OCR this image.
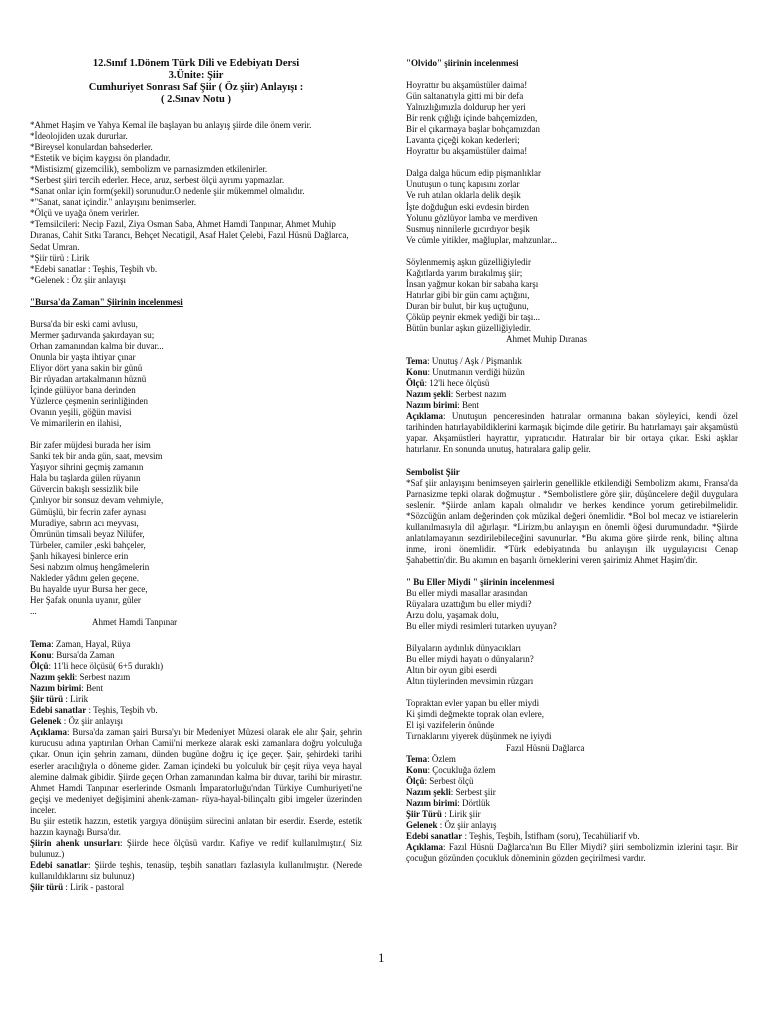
12.Sınıf 1.Dönem Türk Dili ve Edebiyatı Dersi
3.Ünite: Şiir
Cumhuriyet Sonrası Saf Şiir ( Öz şiir) Anlayışı :
( 2.Sınav Notu )
*Ahmet Haşim ve Yahya Kemal ile başlayan bu anlayış şiirde dile önem verir.
*İdeolojiden uzak dururlar.
*Bireysel konulardan bahsederler.
*Estetik ve biçim kaygısı ön plandadır.
*Mistisizm( gizemcilik), sembolizm ve parnasizmden etkilenirler.
*Serbest şiiri tercih ederler. Hece, aruz, serbest ölçü ayrımı yapmazlar.
*Sanat onlar için form(şekil) sorunudur.O nedenle şiir mükemmel olmalıdır.
*"Sanat, sanat içindir." anlayışını benimserler.
*Ölçü ve uyağa önem verirler.
*Temsilcileri: Necip Fazıl, Ziya Osman Saba, Ahmet Hamdi Tanpınar, Ahmet Muhip Dıranas, Cahit Sıtkı Tarancı, Behçet Necatigil, Asaf Halet Çelebi, Fazıl Hüsnü Dağlarca, Sedat Umran.
*Şiir türü : Lirik
*Edebi sanatlar : Teşhis, Teşbih vb.
*Gelenek : Öz şiir anlayışı
"Bursa'da Zaman" Şiirinin incelenmesi
Bursa'da bir eski cami avlusu,
Mermer şadırvanda şakırdayan su;
Orhan zamanından kalma bir duvar...
Onunla bir yaşta ihtiyar çınar
Eliyor dört yana sakin bir günü
Bir rüyadan artakalmanın hüznü
İçinde gülüyor bana derinden
Yüzlerce çeşmenin serinliğinden
Ovanın yeşili, göğün mavisi
Ve mimarilerin en ilahisi,
Bir zafer müjdesi burada her isim
Sanki tek bir anda gün, saat, mevsim
Yaşıyor sihrini geçmiş zamanın
Hala bu taşlarda gülen rüyanın
Güvercin bakışlı sessizlik bile
Çınlıyor bir sonsuz devam vehmiyle,
Gümüşlü, bir fecrin zafer aynası
Muradiye, sabrın acı meyvası,
Ömrünün timsali beyaz Nilüfer,
Türbeler, camiler ,eski bahçeler,
Şanlı hikayesi binlerce erin
Sesi nabzım olmuş hengâmelerin
Nakleder yâdını gelen geçene.
Bu hayalde uyur Bursa her gece,
Her Şafak onunla uyanır, güler
...
Ahmet Hamdi Tanpınar
Tema: Zaman, Hayal, Rüya
Konu: Bursa'da Zaman
Ölçü: 11'li hece ölçüsü( 6+5 duraklı)
Nazım şekli: Serbest nazım
Nazım birimi: Bent
Şiir türü : Lirik
Edebi sanatlar : Teşhis, Teşbih vb.
Gelenek : Öz şiir anlayışı
Açıklama: Bursa'da zaman şairi Bursa'yı bir Medeniyet Müzesi olarak ele alır Şair, şehrin kurucusu adına yaptırılan Orhan Camii'ni merkeze alarak eski zamanlara doğru yolculuğa çıkar. Onun için şehrin zamanı, dünden bugüne doğru iç içe geçer. Şair, şehirdeki tarihi eserler aracılığıyla o döneme gider. Zaman içindeki bu yolculuk bir çeşit rüya veya hayal alemine dalmak gibidir. Şiirde geçen Orhan zamanından kalma bir duvar, tarihi bir mirastır. Ahmet Hamdi Tanpınar eserlerinde Osmanlı İmparatorluğu'ndan Türkiye Cumhuriyeti'ne geçişi ve medeniyet değişimini ahenk-zaman- rüya-hayal-bilinçaltı gibi imgeler üzerinden inceler.
Bu şiir estetik hazzın, estetik yargıya dönüşüm sürecini anlatan bir eserdir. Eserde, estetik hazzın kaynağı Bursa'dır.
Şiirin ahenk unsurları: Şiirde hece ölçüsü vardır. Kafiye ve redif kullanılmıştır.( Siz bulunuz.)
Edebi sanatlar: Şiirde teşhis, tenasüp, teşbih sanatları fazlasıyla kullanılmıştır. (Nerede kullanıldıklarını siz bulunuz)
Şiir türü : Lirik - pastoral
"Olvido" şiirinin incelenmesi
Hoyrattır bu akşamüstüler daima!
Gün saltanatıyla gitti mi bir defa
Yalnızlığımızla doldurup her yeri
Bir renk çığlığı içinde bahçemizden,
Bir el çıkarmaya başlar bohçamızdan
Lavanta çiçeği kokan kederleri;
Hoyrattır bu akşamüstüler daima!
Dalga dalga hücum edip pişmanlıklar
Unutuşun o tunç kapısını zorlar
Ve ruh atılan oklarla delik deşik
İşte doğduğun eski evdesin birden
Yolunu gözlüyor lamba ve merdiven
Susmuş ninnilerle gıcırdıyor beşik
Ve cümle yitikler, mağluplar, mahzunlar...
Söylenmemiş aşkın güzelliğiyledir
Kağıtlarda yarım bırakılmış şiir;
İnsan yağmur kokan bir sabaha karşı
Hatırlar gibi bir gün camı açtığını,
Duran bir bulut, bir kuş uçtuğunu,
Çöküp peynir ekmek yediği bir taşı...
Bütün bunlar aşkın güzelliğiyledir.
Ahmet Muhip Dıranas
Tema: Unutuş / Aşk / Pişmanlık
Konu: Unutmanın verdiği hüzün
Ölçü: 12'li hece ölçüsü
Nazım şekli: Serbest nazım
Nazım birimi: Bent
Açıklama: Unutuşun penceresinden hatıralar ormanına bakan söyleyici, kendi özel tarihinden hatırlayabildiklerini karmaşık biçimde dile getirir. Bu hatırlamayı şair akşamüstü yapar. Akşamüstleri hayrattır, yıpratıcıdır. Hatıralar bir bir ortaya çıkar. Eski aşklar hatırlanır. En sonunda unutuş, hatıralara galip gelir.
Sembolist Şiir
*Saf şiir anlayışını benimseyen şairlerin genellikle etkilendiği Sembolizm akımı, Fransa'da Parnasizme tepki olarak doğmuştur . *Sembolistlere göre şiir, düşüncelere değil duygulara seslenir. *Şiirde anlam kapalı olmalıdır ve herkes kendince yorum getirebilmelidir. *Sözcüğün anlam değerinden çok müzikal değeri önemlidir. *Bol bol mecaz ve istiarelerin kullanılmasıyla dil ağırlaşır. *Lirizm,bu anlayışın en önemli öğesi durumundadır. *Şiirde anlatılamayanın sezdirilebileceğini savunurlar. *Bu akıma göre şiirde renk, bilinç altına inme, ironi önemlidir. *Türk edebiyatında bu anlayışın ilk uygulayıcısı Cenap Şahabettin'dir. Bu akımın en başarılı örneklerini veren şairimiz Ahmet Haşim'dir.
" Bu Eller Miydi " şiirinin incelenmesi
Bu eller miydi masallar arasından
Rüyalara uzattığım bu eller miydi?
Arzu dolu, yaşamak dolu,
Bu eller miydi resimleri tutarken uyuyan?
Bilyaların aydınlık dünyacıkları
Bu eller miydi hayatı o dünyaların?
Altın bir oyun gibi eserdi
Altın tüylerinden mevsimin rüzgarı
Topraktan evler yapan bu eller miydi
Ki şimdi değmekte toprak olan evlere,
El işi vazifelerin önünde
Tırnaklarını yiyerek düşünmek ne iyiydi
Fazıl Hüsnü Dağlarca
Tema: Özlem
Konu: Çocukluğa özlem
Ölçü: Serbest ölçü
Nazım şekli: Serbest şiir
Nazım birimi: Dörtlük
Şiir Türü : Lirik şiir
Gelenek : Öz şiir anlayış
Edebi sanatlar : Teşhis, Teşbih, İstifham (soru), Tecahüliarif vb.
Açıklama: Fazıl Hüsnü Dağlarca'nın Bu Eller Miydi? şiiri sembolizmin izlerini taşır. Bir çocuğun gözünden çocukluk döneminin gözden geçirilmesi vardır.
1
